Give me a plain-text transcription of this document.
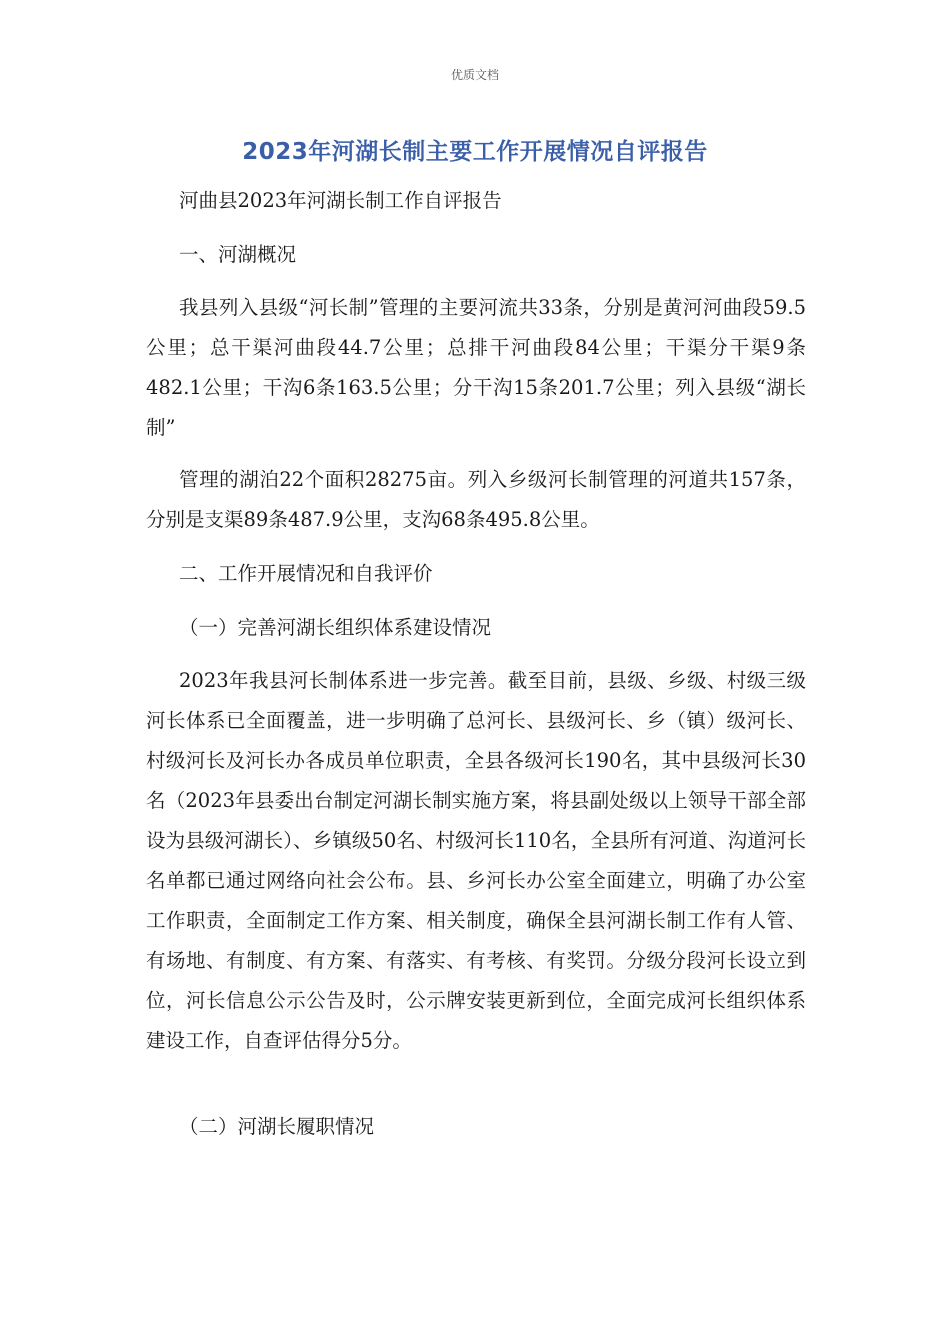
优质文档
2023年河湖长制主要工作开展情况自评报告
河曲县2023年河湖长制工作自评报告
一、河湖概况
我县列入县级“河长制”管理的主要河流共33条，分别是黄河河曲段59.5公里；总干渠河曲段44.7公里；总排干河曲段84公里；干渠分干渠9条482.1公里；干沟6条163.5公里；分干沟15条201.7公里；列入县级“湖长制”
管理的湖泊22个面积28275亩。列入乡级河长制管理的河道共157条，分别是支渠89条487.9公里，支沟68条495.8公里。
二、工作开展情况和自我评价
（一）完善河湖长组织体系建设情况
2023年我县河长制体系进一步完善。截至目前，县级、乡级、村级三级河长体系已全面覆盖，进一步明确了总河长、县级河长、乡（镇）级河长、村级河长及河长办各成员单位职责，全县各级河长190名，其中县级河长30名（2023年县委出台制定河湖长制实施方案，将县副处级以上领导干部全部设为县级河湖长）、乡镇级50名、村级河长110名，全县所有河道、沟道河长名单都已通过网络向社会公布。县、乡河长办公室全面建立，明确了办公室工作职责，全面制定工作方案、相关制度，确保全县河湖长制工作有人管、有场地、有制度、有方案、有落实、有考核、有奖罚。分级分段河长设立到位，河长信息公示公告及时，公示牌安装更新到位，全面完成河长组织体系建设工作，自查评估得分5分。
（二）河湖长履职情况
